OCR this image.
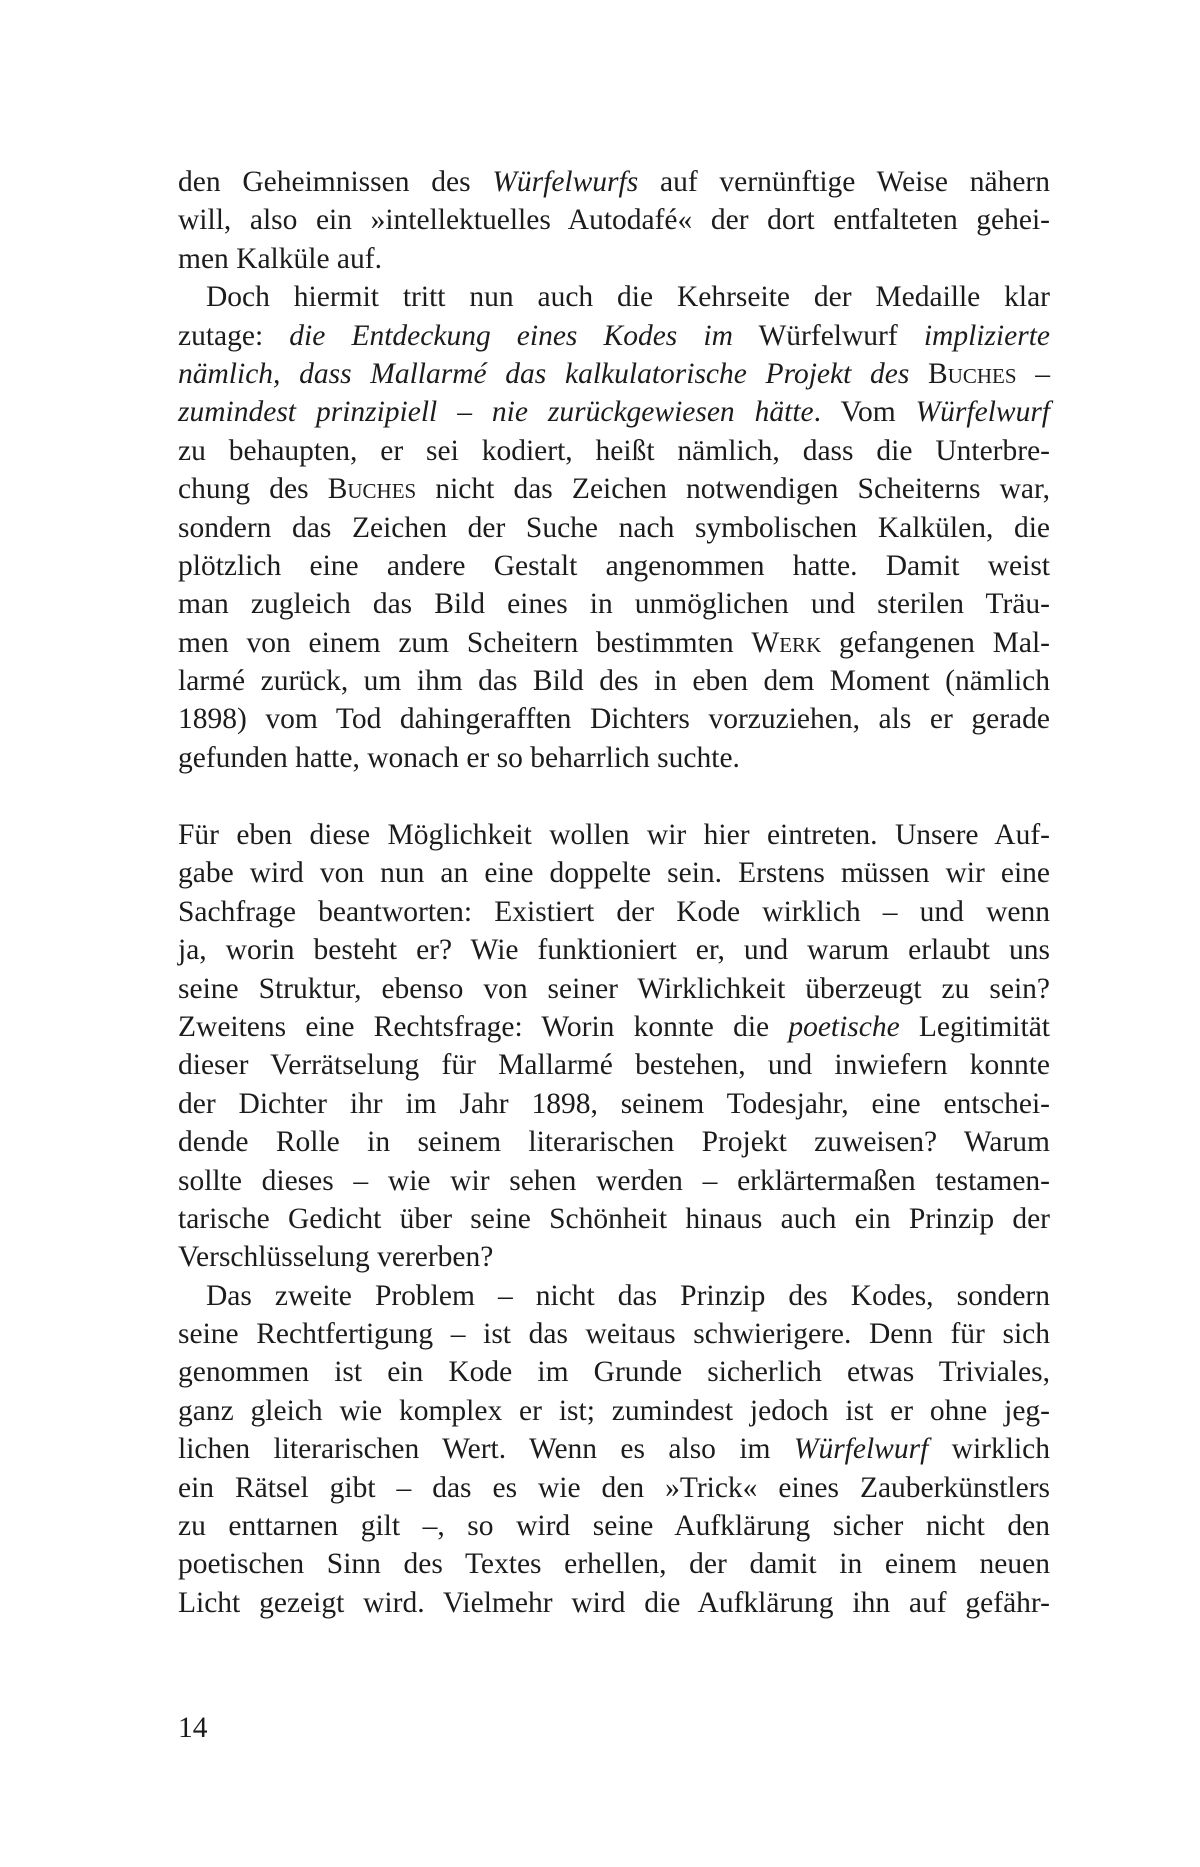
den Geheimnissen des Würfelwurfs auf vernünftige Weise nähern
will, also ein »intellektuelles Autodafé« der dort entfalteten gehei-
men Kalküle auf.
Doch hiermit tritt nun auch die Kehrseite der Medaille klar
zutage: die Entdeckung eines Kodes im Würfelwurf implizierte
nämlich, dass Mallarmé das kalkulatorische Projekt des Buches –
zumindest prinzipiell – nie zurückgewiesen hätte. Vom Würfelwurf
zu behaupten, er sei kodiert, heißt nämlich, dass die Unterbre-
chung des Buches nicht das Zeichen notwendigen Scheiterns war,
sondern das Zeichen der Suche nach symbolischen Kalkülen, die
plötzlich eine andere Gestalt angenommen hatte. Damit weist
man zugleich das Bild eines in unmöglichen und sterilen Träu-
men von einem zum Scheitern bestimmten Werk gefangenen Mal-
larmé zurück, um ihm das Bild des in eben dem Moment (nämlich
1898) vom Tod dahingerafften Dichters vorzuziehen, als er gerade
gefunden hatte, wonach er so beharrlich suchte.
Für eben diese Möglichkeit wollen wir hier eintreten. Unsere Auf-
gabe wird von nun an eine doppelte sein. Erstens müssen wir eine
Sachfrage beantworten: Existiert der Kode wirklich – und wenn
ja, worin besteht er? Wie funktioniert er, und warum erlaubt uns
seine Struktur, ebenso von seiner Wirklichkeit überzeugt zu sein?
Zweitens eine Rechtsfrage: Worin konnte die poetische Legitimität
dieser Verrätselung für Mallarmé bestehen, und inwiefern konnte
der Dichter ihr im Jahr 1898, seinem Todesjahr, eine entschei-
dende Rolle in seinem literarischen Projekt zuweisen? Warum
sollte dieses – wie wir sehen werden – erklärtermaßen testamen-
tarische Gedicht über seine Schönheit hinaus auch ein Prinzip der
Verschlüsselung vererben?
Das zweite Problem – nicht das Prinzip des Kodes, sondern
seine Rechtfertigung – ist das weitaus schwierigere. Denn für sich
genommen ist ein Kode im Grunde sicherlich etwas Triviales,
ganz gleich wie komplex er ist; zumindest jedoch ist er ohne jeg-
lichen literarischen Wert. Wenn es also im Würfelwurf wirklich
ein Rätsel gibt – das es wie den »Trick« eines Zauberkünstlers
zu enttarnen gilt –, so wird seine Aufklärung sicher nicht den
poetischen Sinn des Textes erhellen, der damit in einem neuen
Licht gezeigt wird. Vielmehr wird die Aufklärung ihn auf gefähr-
14
